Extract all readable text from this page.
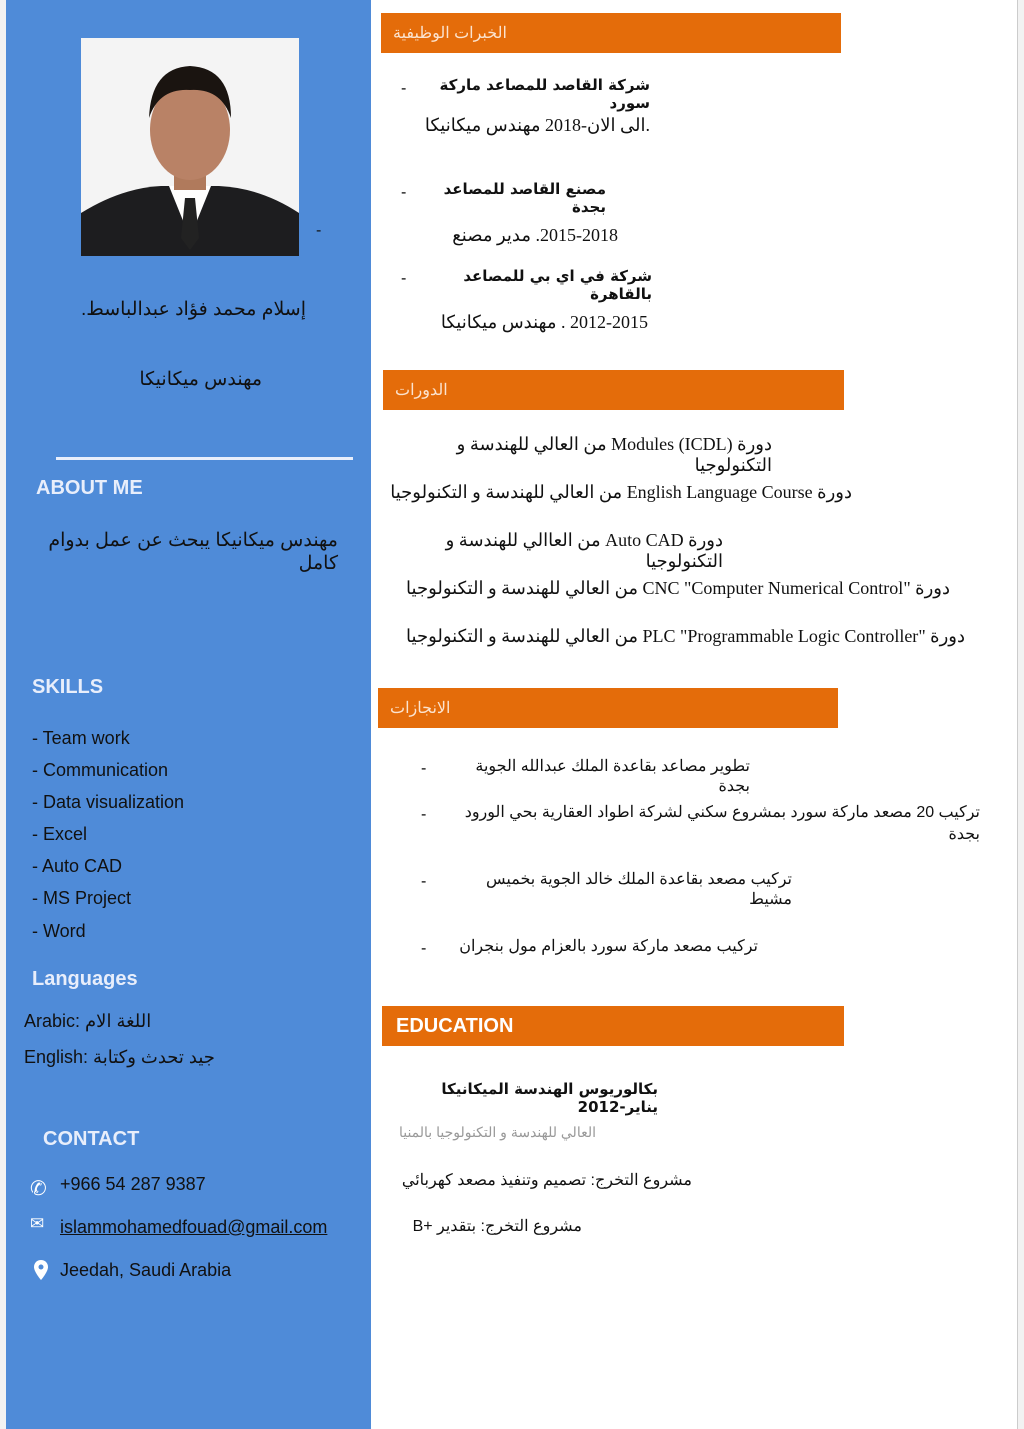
-
إسلام محمد فؤاد عبدالباسط.
مهندس ميكانيكا
ABOUT ME
مهندس ميكانيكا يبحث عن عمل بدوام كامل
SKILLS
- Team work
- Communication
- Data visualization
- Excel
- Auto CAD
- MS Project
- Word
Languages
Arabic: اللغة الام
English: جيد تحدث وكتابة
CONTACT
✆ +966 54 287 9387
✉ islammohamedfouad@gmail.com
Jeedah, Saudi Arabia
الخبرات الوظيفية
-	شركة القاصد للمصاعد ماركة سورد
.الى الان-2018 مهندس ميكانيكا
-	مصنع القاصد للمصاعد بجدة
2015-2018. مدير مصنع
-	شركة في اي بي للمصاعد بالقاهرة
2012-2015 . مهندس ميكانيكا
الدورات
دورة (ICDL) Modules من العالي للهندسة و التكنولوجيا
دورة English Language Course من العالي للهندسة و التكنولوجيا
دورة Auto CAD من العاالي للهندسة و التكنولوجيا
دورة "CNC "Computer Numerical Control من العالي للهندسة و التكنولوجيا
دورة "PLC "Programmable Logic Controller من العالي للهندسة و التكنولوجيا
الانجازات
-	تطوير مصاعد بقاعدة الملك عبدالله الجوية بجدة
-	تركيب 20 مصعد ماركة سورد بمشروع سكني لشركة اطواد العقارية بحي الورود بجدة
-	تركيب مصعد بقاعدة الملك خالد الجوية بخميس مشيط
-	تركيب مصعد ماركة سورد بالعزام مول بنجران
EDUCATION
بكالوريوس الهندسة الميكانيكا يناير-2012
العالي للهندسة و التكنولوجيا بالمنيا
مشروع التخرج: تصميم وتنفيذ مصعد كهربائي
مشروع التخرج: بتقدير +B
